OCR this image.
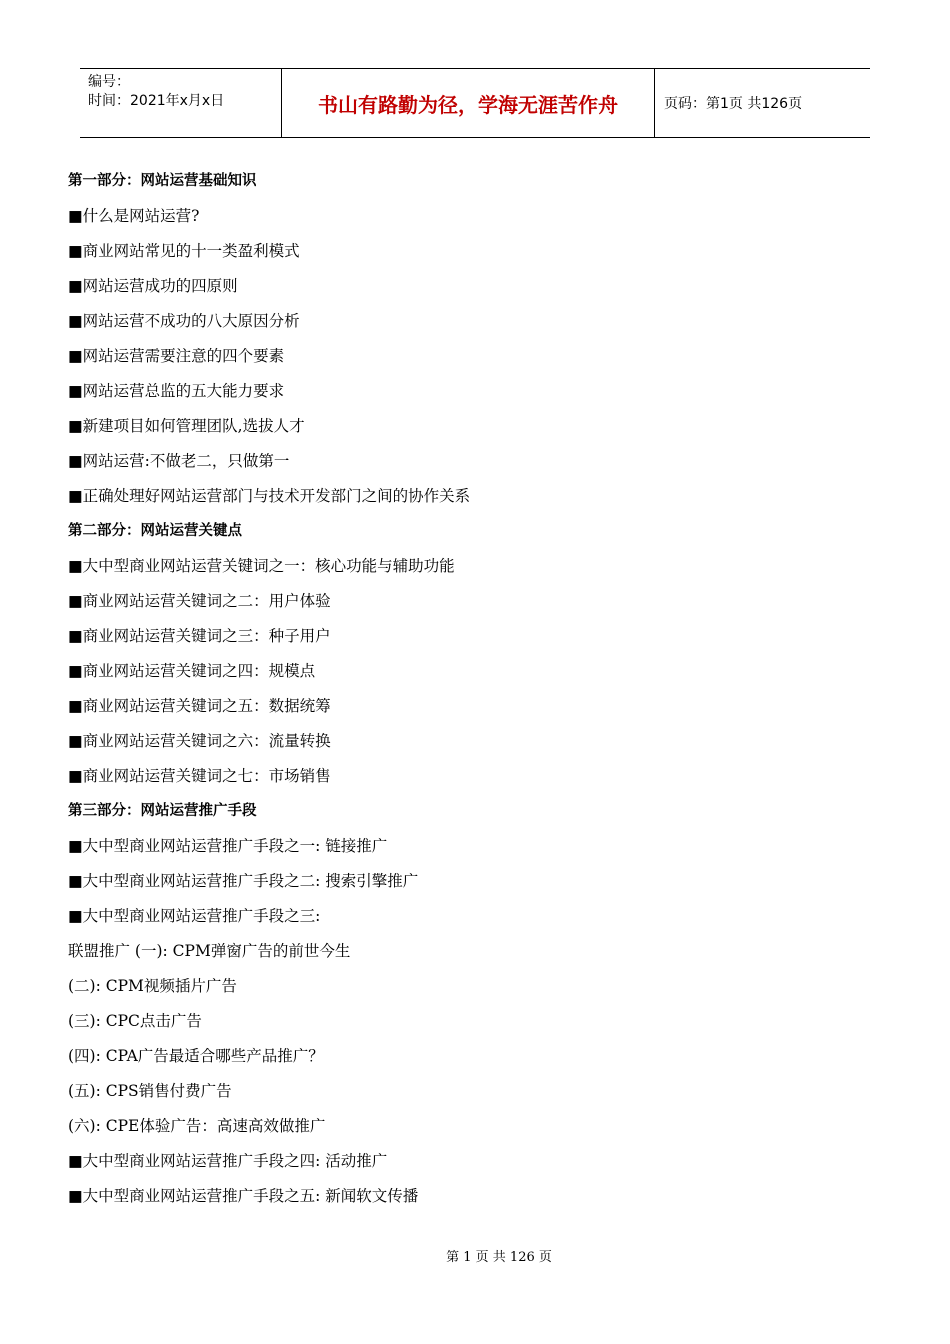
编号：
时间：2021年x月x日	书山有路勤为径，学海无涯苦作舟	页码：第1页 共126页
第一部分：网站运营基础知识
■什么是网站运营?
■商业网站常见的十一类盈利模式
■网站运营成功的四原则
■网站运营不成功的八大原因分析
■网站运营需要注意的四个要素
■网站运营总监的五大能力要求
■新建项目如何管理团队,选拔人才
■网站运营:不做老二，只做第一
■正确处理好网站运营部门与技术开发部门之间的协作关系
第二部分：网站运营关键点
■大中型商业网站运营关键词之一：核心功能与辅助功能
■商业网站运营关键词之二：用户体验
■商业网站运营关键词之三：种子用户
■商业网站运营关键词之四：规模点
■商业网站运营关键词之五：数据统筹
■商业网站运营关键词之六：流量转换
■商业网站运营关键词之七：市场销售
第三部分：网站运营推广手段
■大中型商业网站运营推广手段之一: 链接推广
■大中型商业网站运营推广手段之二: 搜索引擎推广
■大中型商业网站运营推广手段之三:
联盟推广 (一): CPM弹窗广告的前世今生
(二): CPM视频插片广告
(三): CPC点击广告
(四): CPA广告最适合哪些产品推广？
(五): CPS销售付费广告
(六): CPE体验广告：高速高效做推广
■大中型商业网站运营推广手段之四: 活动推广
■大中型商业网站运营推广手段之五: 新闻软文传播
第 1 页 共 126 页
